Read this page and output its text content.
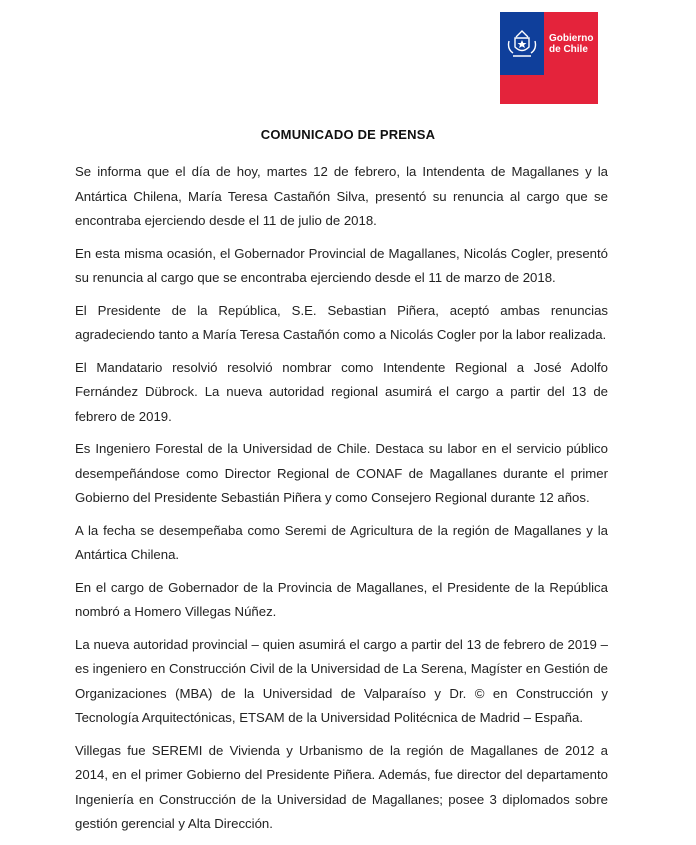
Gobierno
de Chile
COMUNICADO DE PRENSA

Se informa que el día de hoy, martes 12 de febrero, la Intendenta de Magallanes y la Antártica Chilena, María Teresa Castañón Silva, presentó su renuncia al cargo que se encontraba ejerciendo desde el 11 de julio de 2018.

En esta misma ocasión, el Gobernador Provincial de Magallanes, Nicolás Cogler, presentó su renuncia al cargo que se encontraba ejerciendo desde el 11 de marzo de 2018.

El Presidente de la República, S.E. Sebastian Piñera, aceptó ambas renuncias agradeciendo tanto a María Teresa Castañón como a Nicolás Cogler por la labor realizada.

El Mandatario resolvió resolvió nombrar como Intendente Regional a José Adolfo Fernández Dübrock. La nueva autoridad regional asumirá el cargo a partir del 13 de febrero de 2019.

Es Ingeniero Forestal de la Universidad de Chile. Destaca su labor en el servicio público desempeñándose como Director Regional de CONAF de Magallanes durante el primer Gobierno del Presidente Sebastián Piñera y como Consejero Regional durante 12 años.

A la fecha se desempeñaba como Seremi de Agricultura de la región de Magallanes y la Antártica Chilena.

En el cargo de Gobernador de la Provincia de Magallanes, el Presidente de la República nombró a Homero Villegas Núñez.

La nueva autoridad provincial – quien asumirá el cargo a partir del 13 de febrero de 2019 – es ingeniero en Construcción Civil de la Universidad de La Serena, Magíster en Gestión de Organizaciones (MBA) de la Universidad de Valparaíso y Dr. © en Construcción y Tecnología Arquitectónicas, ETSAM de la Universidad Politécnica de Madrid – España.

Villegas fue SEREMI de Vivienda y Urbanismo de la región de Magallanes de 2012 a 2014, en el primer Gobierno del Presidente Piñera. Además, fue director del departamento Ingeniería en Construcción de la Universidad de Magallanes; posee 3 diplomados sobre gestión gerencial y Alta Dirección.
